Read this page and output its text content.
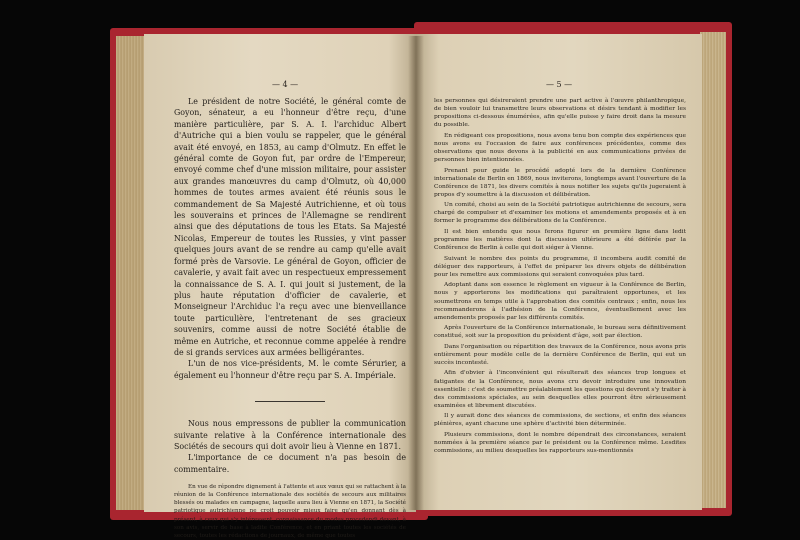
— 4 —

Le président de notre Société, le général comte de Goyon, sénateur, a eu l'honneur d'être reçu, d'une manière particulière, par S. A. I. l'archiduc Albert d'Autriche qui a bien voulu se rappeler, que le général avait été envoyé, en 1853, au camp d'Olmutz. En effet le général comte de Goyon fut, par ordre de l'Empereur, envoyé comme chef d'une mission militaire, pour assister aux grandes manœuvres du camp d'Olmutz, où 40,000 hommes de toutes armes avaient été réunis sous le commandement de Sa Majesté Autrichienne, et où tous les souverains et princes de l'Allemagne se rendirent ainsi que des députations de tous les Etats. Sa Majesté Nicolas, Empereur de toutes les Russies, y vint passer quelques jours avant de se rendre au camp qu'elle avait formé près de Varsovie. Le général de Goyon, officier de cavalerie, y avait fait avec un respectueux empressement la connaissance de S. A. I. qui jouit si justement, de la plus haute réputation d'officier de cavalerie, et Monseigneur l'Archiduc l'a reçu avec une bienveillance toute particulière, l'entretenant de ses gracieux souvenirs, comme aussi de notre Société établie de même en Autriche, et reconnue comme appelée à rendre de si grands services aux armées belligérantes.

L'un de nos vice-présidents, M. le comte Sérurier, a également eu l'honneur d'être reçu par S. A. Impériale.

Nous nous empressons de publier la communication suivante relative à la Conférence internationale des Sociétés de secours qui doit avoir lieu à Vienne en 1871.

L'importance de ce document n'a pas besoin de commentaire.

En vue de répondre dignement à l'attente et aux vœux qui se rattachent à la réunion de la Conférence internationale des sociétés de secours aux militaires blessés ou malades en campagne, laquelle aura lieu à Vienne en 1871, la Société patriotique autrichienne ne croit pouvoir mieux faire qu'en donnant dès à présent, à ceux qui s'y intéressent, connaissance du modus procedendi devant, à son avis, servir de base à ladite Conférence, et en priant toutes les sociétés de secours, toutes les rédactions de journaux, de même que toutes

— 5 —

les personnes qui désireraient prendre une part active à l'œuvre philanthropique, de bien vouloir lui transmettre leurs observations et désirs tendant à modifier les propositions ci-dessous énumérées, afin qu'elle puisse y faire droit dans la mesure du possible.

En rédigeant ces propositions, nous avons tenu bon compte des expériences que nous avons eu l'occasion de faire aux conférences précédentes, comme des observations que nous devons à la publicité en aux communications privées de personnes bien intentionnées.

Prenant pour guide le procédé adopté lors de la dernière Conférence internationale de Berlin en 1869, nous inviterons, longtemps avant l'ouverture de la Conférence de 1871, les divers comités à nous notifier les sujets qu'ils jugeraient à propos d'y soumettre à la discussion et délibération.

Un comité, choisi au sein de la Société patriotique autrichienne de secours, sera chargé de compulser et d'examiner les motions et amendements proposés et à en former le programme des délibérations de la Conférence.

Il est bien entendu que nous ferons figurer en première ligne dans ledit programme les matières dont la discussion ultérieure a été déférée par la Conférence de Berlin à celle qui doit siéger à Vienne.

Suivant le nombre des points du programme, il incombera audit comité de déléguer des rapporteurs, à l'effet de préparer les divers objets de délibération pour les remettre aux commissions qui seraient convoquées plus tard.

Adoptant dans son essence le règlement en vigueur à la Conférence de Berlin, nous y apporterons les modifications qui paraîtraient opportunes, et les soumettrons en temps utile à l'approbation des comités centraux ; enfin, nous les recommanderons à l'adhésion de la Conférence, éventuellement avec les amendements proposés par les différents comités.

Après l'ouverture de la Conférence internationale, le bureau sera définitivement constitué, soit sur la proposition du président d'âge, soit par élection.

Dans l'organisation ou répartition des travaux de la Conférence, nous avons pris entièrement pour modèle celle de la dernière Conférence de Berlin, qui eut un succès incontesté.

Afin d'obvier à l'inconvénient qui résulterait des séances trop longues et fatigantes de la Conférence, nous avons cru devoir introduire une innovation essentielle : c'est de soumettre préalablement les questions qui devront s'y traiter à des commissions spéciales, au sein desquelles elles pourront être sérieusement examinées et librement discutées.

Il y aurait donc des séances de commissions, de sections, et enfin des séances plénières, ayant chacune une sphère d'activité bien déterminée.

Plusieurs commissions, dont le nombre dépendrait des circonstances, seraient nommées à la première séance par le président ou la Conférence même. Lesdites commissions, au milieu desquelles les rapporteurs sus-mentionnés
